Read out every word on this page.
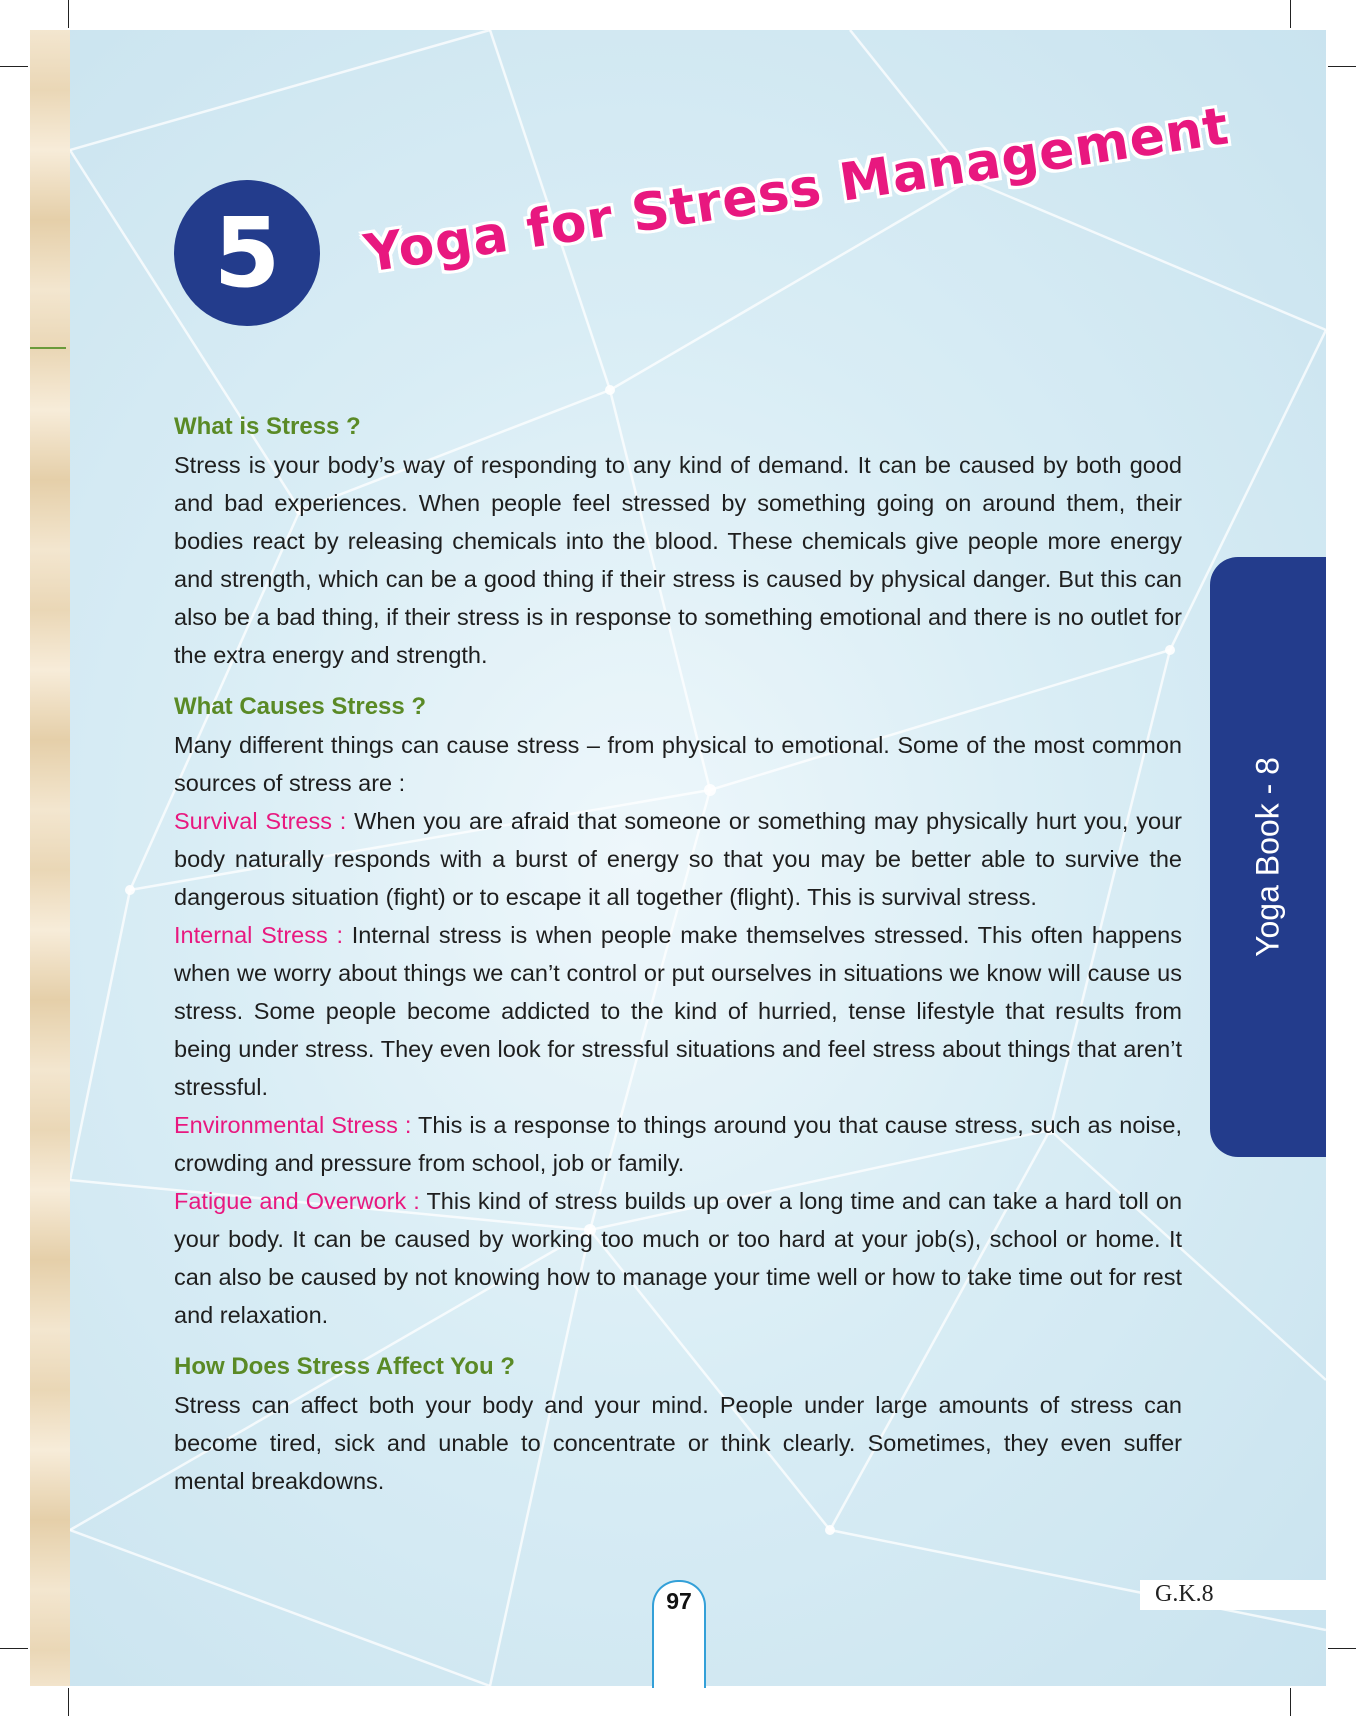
5	Yoga for Stress Management
What is Stress ?

Stress is your body’s way of responding to any kind of demand. It can be caused by both good and bad experiences. When people feel stressed by something going on around them, their bodies react by releasing chemicals into the blood. These chemicals give people more energy and strength, which can be a good thing if their stress is caused by physical danger. But this can also be a bad thing, if their stress is in response to something emotional and there is no outlet for the extra energy and strength.

What Causes Stress ?

Many different things can cause stress – from physical to emotional. Some of the most common sources of stress are :

Survival Stress : When you are afraid that someone or something may physically hurt you, your body naturally responds with a burst of energy so that you may be better able to survive the dangerous situation (fight) or to escape it all together (flight). This is survival stress.

Internal Stress : Internal stress is when people make themselves stressed. This often happens when we worry about things we can’t control or put ourselves in situations we know will cause us stress. Some people become addicted to the kind of hurried, tense lifestyle that results from being under stress. They even look for stressful situations and feel stress about things that aren’t stressful.

Environmental Stress : This is a response to things around you that cause stress, such as noise, crowding and pressure from school, job or family.

Fatigue and Overwork : This kind of stress builds up over a long time and can take a hard toll on your body. It can be caused by working too much or too hard at your job(s), school or home. It can also be caused by not knowing how to manage your time well or how to take time out for rest and relaxation.

How Does Stress Affect You ?

Stress can affect both your body and your mind. People under large amounts of stress can become tired, sick and unable to concentrate or think clearly. Sometimes, they even suffer mental breakdowns.

Yoga Book - 8
97	G.K.8
